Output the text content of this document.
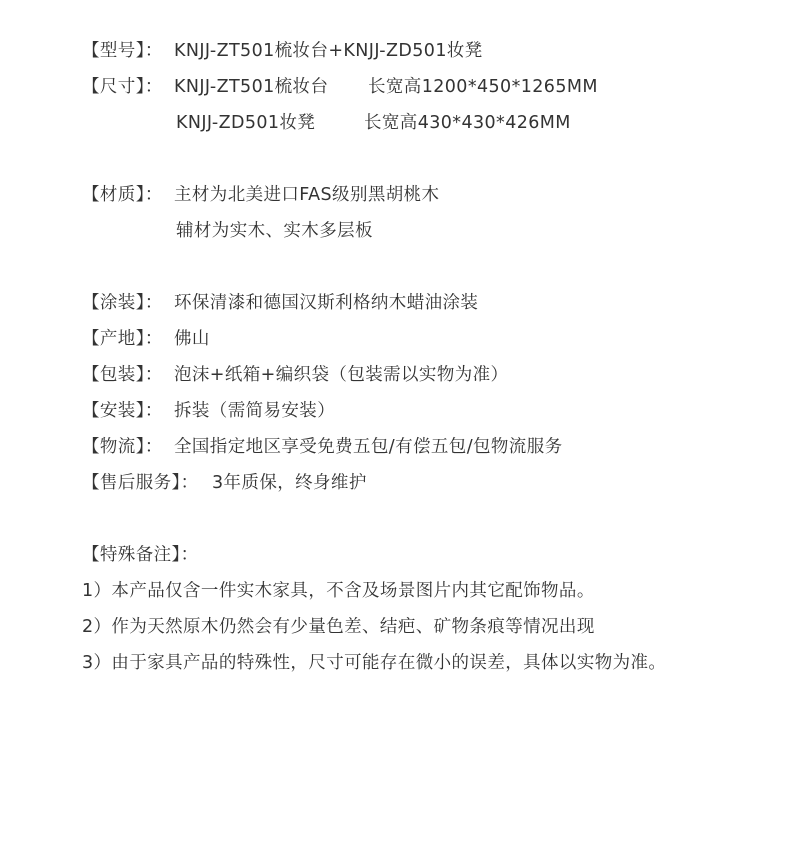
【型号】： KNJJ-ZT501梳妆台+KNJJ-ZD501妆凳
【尺寸】： KNJJ-ZT501梳妆台 长宽高1200*450*1265MM
KNJJ-ZD501妆凳	长宽高430*430*426MM
【材质】： 主材为北美进口FAS级别黑胡桃木
辅材为实木、实木多层板
【涂装】： 环保清漆和德国汉斯利格纳木蜡油涂装
【产地】： 佛山
【包装】： 泡沫+纸箱+编织袋（包装需以实物为准）
【安装】： 拆装（需简易安装）
【物流】： 全国指定地区享受免费五包/有偿五包/包物流服务
【售后服务】： 3年质保，终身维护
【特殊备注】：
1）本产品仅含一件实木家具，不含及场景图片内其它配饰物品。
2）作为天然原木仍然会有少量色差、结疤、矿物条痕等情况出现
3）由于家具产品的特殊性，尺寸可能存在微小的误差，具体以实物为准。
